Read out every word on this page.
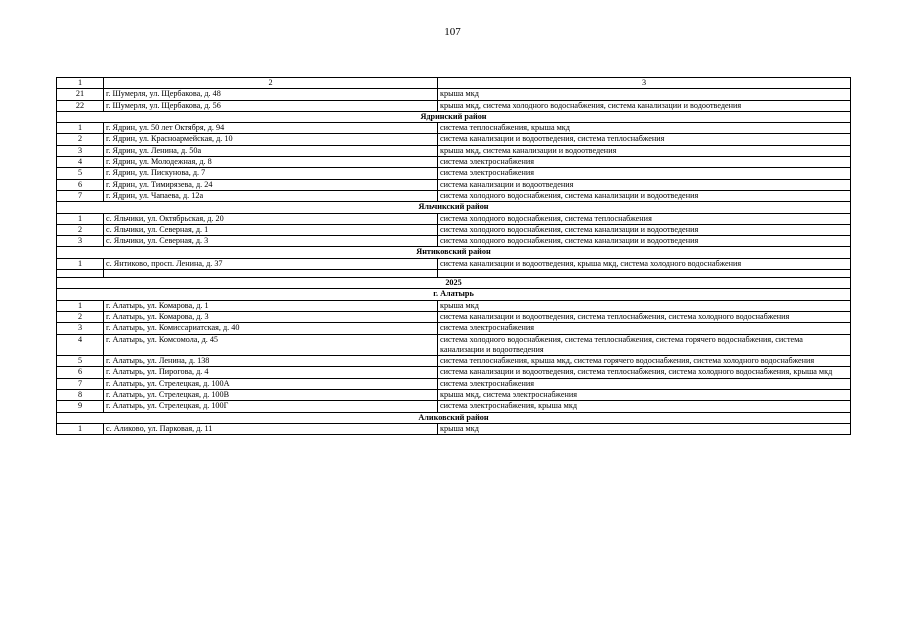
107
1	2	3
21	г. Шумерля, ул. Щербакова, д. 48	крыша мкд
22	г. Шумерля, ул. Щербакова, д. 56	крыша мкд, система холодного водоснабжения, система канализации и водоотведения
Ядринский район		
1	г. Ядрин, ул. 50 лет Октября, д. 94	система теплоснабжения, крыша мкд
2	г. Ядрин, ул. Красноармейская, д. 10	система канализации и водоотведения, система теплоснабжения
3	г. Ядрин, ул. Ленина, д. 50а	крыша мкд, система канализации и водоотведения
4	г. Ядрин, ул. Молодежная, д. 8	система электроснабжения
5	г. Ядрин, ул. Пискунова, д. 7	система электроснабжения
6	г. Ядрин, ул. Тимирязева, д. 24	система канализации и водоотведения
7	г. Ядрин, ул. Чапаева, д. 12а	система холодного водоснабжения, система канализации и водоотведения
Яльчикский район		
1	с. Яльчики, ул. Октябрьская, д. 20	система холодного водоснабжения, система теплоснабжения
2	с. Яльчики, ул. Северная, д. 1	система холодного водоснабжения, система канализации и водоотведения
3	с. Яльчики, ул. Северная, д. 3	система холодного водоснабжения, система канализации и водоотведения
Янтиковский район		
1	с. Янтиково, просп. Ленина, д. 37	система канализации и водоотведения, крыша мкд, система холодного водоснабжения

2025		
г. Алатырь		
1	г. Алатырь, ул. Комарова, д. 1	крыша мкд
2	г. Алатырь, ул. Комарова, д. 3	система канализации и водоотведения, система теплоснабжения, система холодного водоснабжения
3	г. Алатырь, ул. Комиссариатская, д. 40	система электроснабжения
4	г. Алатырь, ул. Комсомола, д. 45	система холодного водоснабжения, система теплоснабжения, система горячего водоснабжения, система канализации и водоотведения
5	г. Алатырь, ул. Ленина, д. 138	система теплоснабжения, крыша мкд, система горячего водоснабжения, система холодного водоснабжения
6	г. Алатырь, ул. Пирогова, д. 4	система канализации и водоотведения, система теплоснабжения, система холодного водоснабжения, крыша мкд
7	г. Алатырь, ул. Стрелецкая, д. 100А	система электроснабжения
8	г. Алатырь, ул. Стрелецкая, д. 100В	крыша мкд, система электроснабжения
9	г. Алатырь, ул. Стрелецкая, д. 100Г	система электроснабжения, крыша мкд
Аликовский район		
1	с. Аликово, ул. Парковая, д. 11	крыша мкд
